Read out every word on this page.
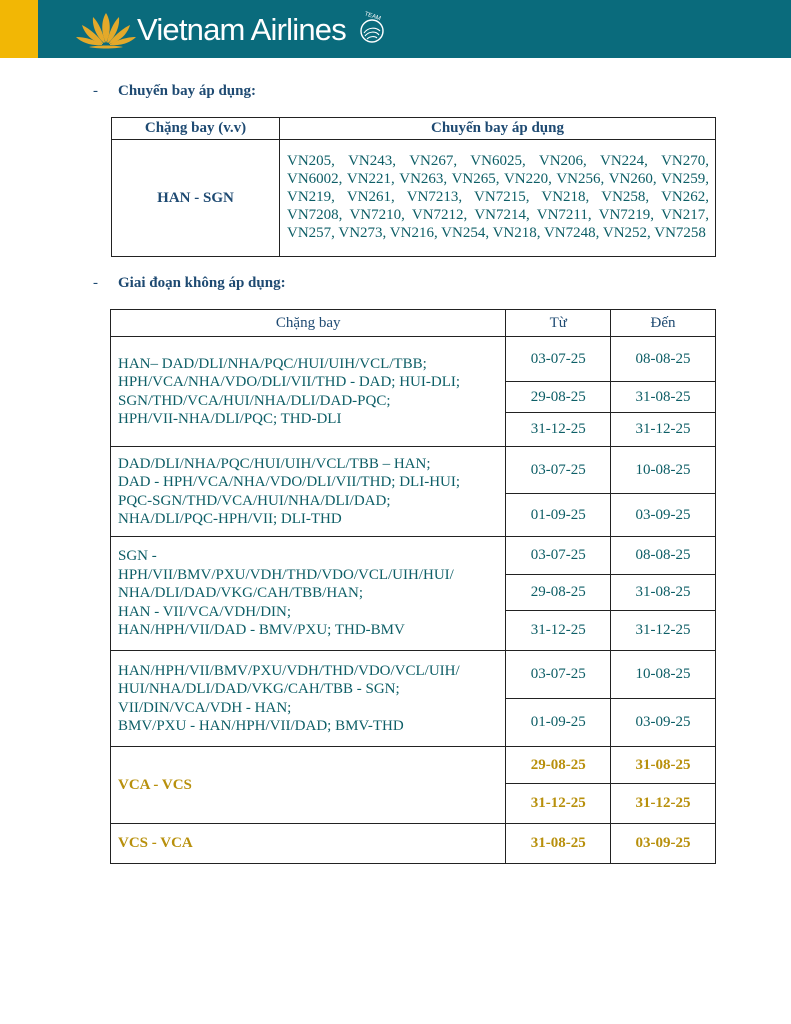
Vietnam Airlines	TEAM
- Chuyến bay áp dụng:
Chặng bay (v.v)	Chuyến bay áp dụng
HAN - SGN	VN205, VN243, VN267, VN6025, VN206, VN224, VN270, VN6002, VN221, VN263, VN265, VN220, VN256, VN260, VN259, VN219, VN261, VN7213, VN7215, VN218, VN258, VN262, VN7208, VN7210, VN7212, VN7214, VN7211, VN7219, VN217, VN257, VN273, VN216, VN254, VN218, VN7248, VN252, VN7258
- Giai đoạn không áp dụng:
Chặng bay	Từ	Đến

HAN– DAD/DLI/NHA/PQC/HUI/UIH/VCL/TBB;
HPH/VCA/NHA/VDO/DLI/VII/THD - DAD; HUI-DLI;
SGN/THD/VCA/HUI/NHA/DLI/DAD-PQC;
HPH/VII-NHA/DLI/PQC; THD-DLI	03-07-25	08-08-25
	29-08-25	31-08-25
	31-12-25	31-12-25

DAD/DLI/NHA/PQC/HUI/UIH/VCL/TBB – HAN;
DAD - HPH/VCA/NHA/VDO/DLI/VII/THD; DLI-HUI;
PQC-SGN/THD/VCA/HUI/NHA/DLI/DAD;
NHA/DLI/PQC-HPH/VII; DLI-THD	03-07-25	10-08-25
	01-09-25	03-09-25

SGN -
HPH/VII/BMV/PXU/VDH/THD/VDO/VCL/UIH/HUI/
NHA/DLI/DAD/VKG/CAH/TBB/HAN;
HAN - VII/VCA/VDH/DIN;
HAN/HPH/VII/DAD - BMV/PXU; THD-BMV	03-07-25	08-08-25
	29-08-25	31-08-25
	31-12-25	31-12-25

HAN/HPH/VII/BMV/PXU/VDH/THD/VDO/VCL/UIH/
HUI/NHA/DLI/DAD/VKG/CAH/TBB - SGN;
VII/DIN/VCA/VDH - HAN;
BMV/PXU - HAN/HPH/VII/DAD; BMV-THD	03-07-25	10-08-25
	01-09-25	03-09-25

VCA - VCS	29-08-25	31-08-25
	31-12-25	31-12-25

VCS - VCA	31-08-25	03-09-25
